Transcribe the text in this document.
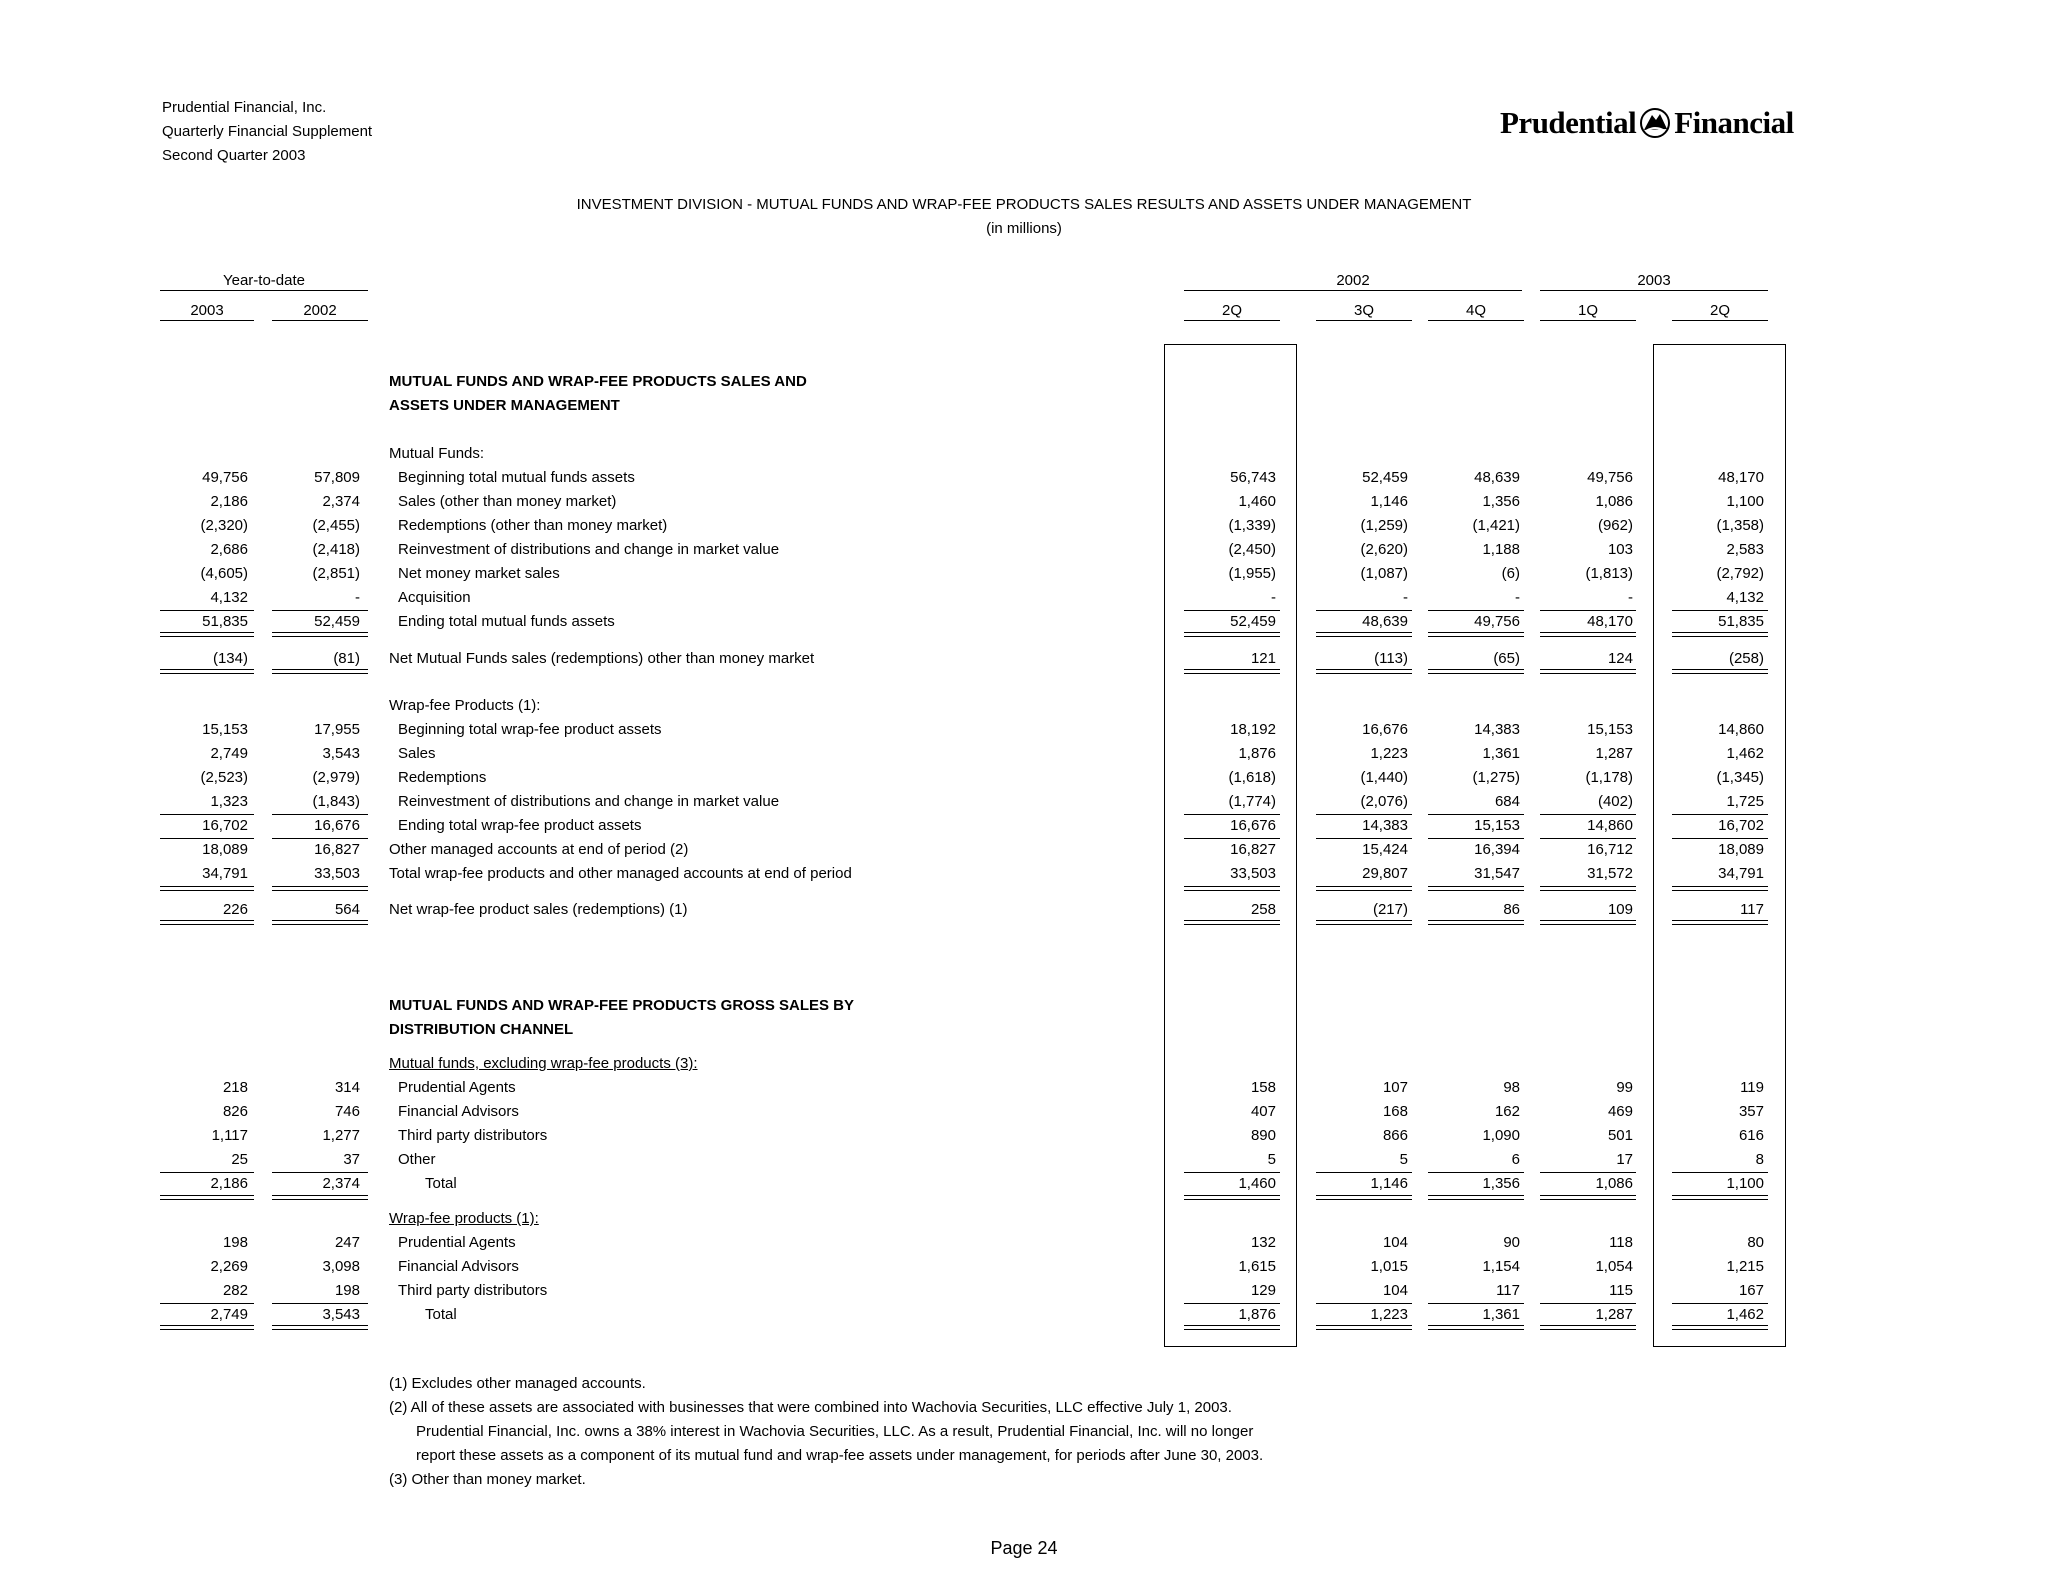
Prudential Financial, Inc.
Quarterly Financial Supplement
Second Quarter 2003
Prudential Financial
INVESTMENT DIVISION - MUTUAL FUNDS AND WRAP-FEE PRODUCTS SALES RESULTS AND ASSETS UNDER MANAGEMENT
(in millions)
Year-to-date
2003	2002
2002	2003
2Q	3Q	4Q	1Q	2Q
MUTUAL FUNDS AND WRAP-FEE PRODUCTS SALES AND
ASSETS UNDER MANAGEMENT
Mutual Funds:
Beginning total mutual funds assets
49,756	57,809	56,743	52,459	48,639	49,756	48,170
Sales (other than money market)
2,186	2,374	1,460	1,146	1,356	1,086	1,100
Redemptions (other than money market)
(2,320)	(2,455)	(1,339)	(1,259)	(1,421)	(962)	(1,358)
Reinvestment of distributions and change in market value
2,686	(2,418)	(2,450)	(2,620)	1,188	103	2,583
Net money market sales
(4,605)	(2,851)	(1,955)	(1,087)	(6)	(1,813)	(2,792)
Acquisition
4,132	-	-	-	-	-	4,132
Ending total mutual funds assets
51,835	52,459	52,459	48,639	49,756	48,170	51,835
Net Mutual Funds sales (redemptions) other than money market
(134)	(81)	121	(113)	(65)	124	(258)
Wrap-fee Products (1):
Beginning total wrap-fee product assets
15,153	17,955	18,192	16,676	14,383	15,153	14,860
Sales
2,749	3,543	1,876	1,223	1,361	1,287	1,462
Redemptions
(2,523)	(2,979)	(1,618)	(1,440)	(1,275)	(1,178)	(1,345)
Reinvestment of distributions and change in market value
1,323	(1,843)	(1,774)	(2,076)	684	(402)	1,725
Ending total wrap-fee product assets
16,702	16,676	16,676	14,383	15,153	14,860	16,702
Other managed accounts at end of period (2)
18,089	16,827	16,827	15,424	16,394	16,712	18,089
Total wrap-fee products and other managed accounts at end of period
34,791	33,503	33,503	29,807	31,547	31,572	34,791
Net wrap-fee product sales (redemptions) (1)
226	564	258	(217)	86	109	117
MUTUAL FUNDS AND WRAP-FEE PRODUCTS GROSS SALES BY
DISTRIBUTION CHANNEL
Mutual funds, excluding wrap-fee products (3):
Prudential Agents
218	314	158	107	98	99	119
Financial Advisors
826	746	407	168	162	469	357
Third party distributors
1,117	1,277	890	866	1,090	501	616
Other
25	37	5	5	6	17	8
Total
2,186	2,374	1,460	1,146	1,356	1,086	1,100
Wrap-fee products (1):
Prudential Agents
198	247	132	104	90	118	80
Financial Advisors
2,269	3,098	1,615	1,015	1,154	1,054	1,215
Third party distributors
282	198	129	104	117	115	167
Total
2,749	3,543	1,876	1,223	1,361	1,287	1,462
(1) Excludes other managed accounts.
(2) All of these assets are associated with businesses that were combined into Wachovia Securities, LLC effective July 1, 2003.
Prudential Financial, Inc. owns a 38% interest in Wachovia Securities, LLC. As a result, Prudential Financial, Inc. will no longer
report these assets as a component of its mutual fund and wrap-fee assets under management, for periods after June 30, 2003.
(3) Other than money market.
Page 24
